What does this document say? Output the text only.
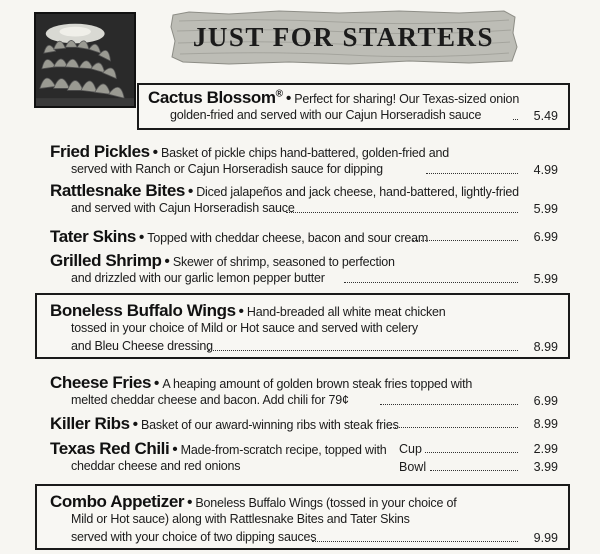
JUST FOR STARTERS
Cactus Blossom® • Perfect for sharing! Our Texas-sized onion
golden-fried and served with our Cajun Horseradish sauce	5.49
Fried Pickles • Basket of pickle chips hand-battered, golden-fried and
served with Ranch or Cajun Horseradish sauce for dipping	4.99
Rattlesnake Bites • Diced jalapeños and jack cheese, hand-battered, lightly-fried
and served with Cajun Horseradish sauce	5.99
Tater Skins • Topped with cheddar cheese, bacon and sour cream	6.99
Grilled Shrimp • Skewer of shrimp, seasoned to perfection
and drizzled with our garlic lemon pepper butter	5.99
Boneless Buffalo Wings • Hand-breaded all white meat chicken
tossed in your choice of Mild or Hot sauce and served with celery
and Bleu Cheese dressing	8.99
Cheese Fries • A heaping amount of golden brown steak fries topped with
melted cheddar cheese and bacon. Add chili for 79¢	6.99
Killer Ribs • Basket of our award-winning ribs with steak fries	8.99
Texas Red Chili • Made-from-scratch recipe, topped with Cup	2.99
cheddar cheese and red onions	Bowl	3.99
Combo Appetizer • Boneless Buffalo Wings (tossed in your choice of
Mild or Hot sauce) along with Rattlesnake Bites and Tater Skins
served with your choice of two dipping sauces	9.99
